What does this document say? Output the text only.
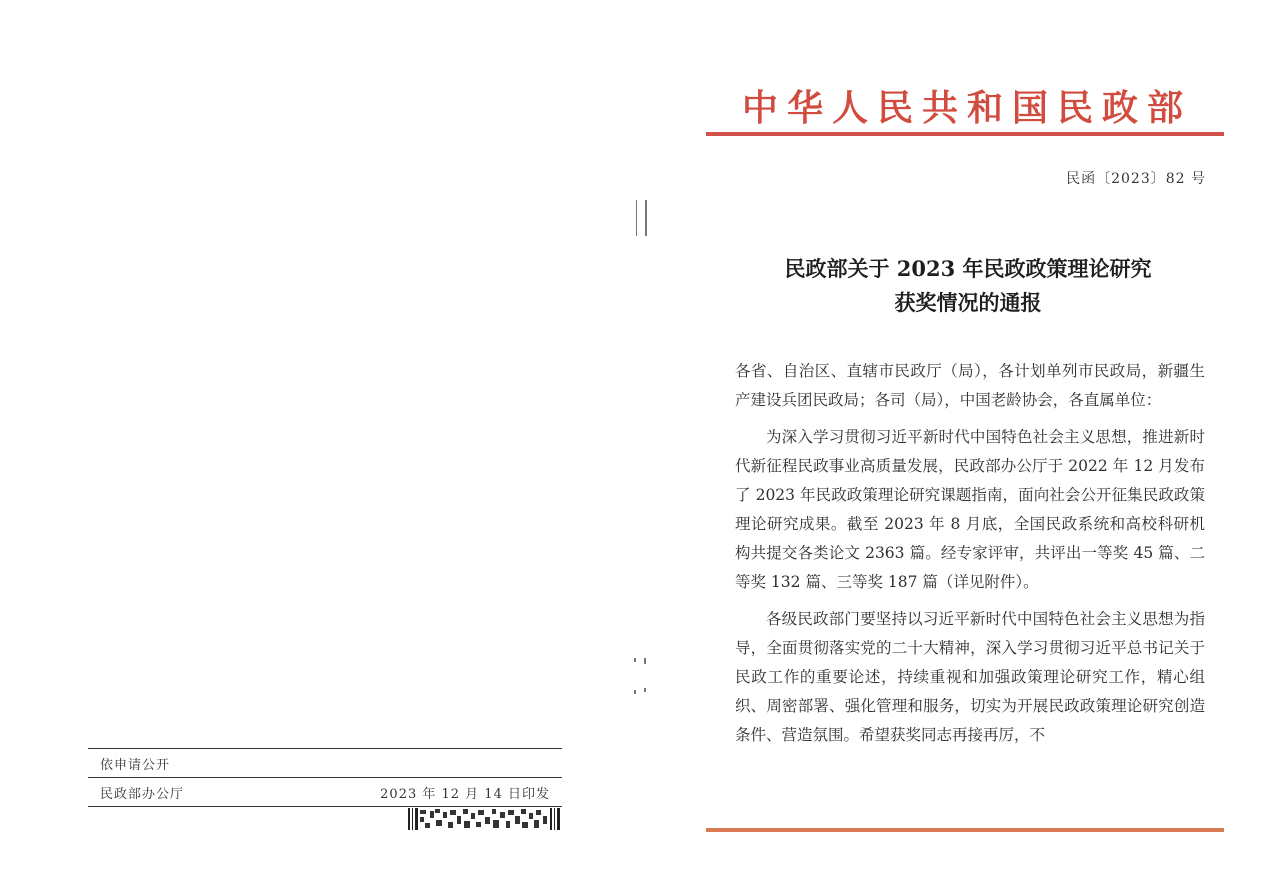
依申请公开
民政部办公厅	2023 年 12 月 14 日印发
中华人民共和国民政部
民函〔2023〕82 号
民政部关于 2023 年民政政策理论研究
获奖情况的通报

各省、自治区、直辖市民政厅（局），各计划单列市民政局，新疆生产建设兵团民政局；各司（局），中国老龄协会，各直属单位：

为深入学习贯彻习近平新时代中国特色社会主义思想，推进新时代新征程民政事业高质量发展，民政部办公厅于 2022 年 12 月发布了 2023 年民政政策理论研究课题指南，面向社会公开征集民政政策理论研究成果。截至 2023 年 8 月底，全国民政系统和高校科研机构共提交各类论文 2363 篇。经专家评审，共评出一等奖 45 篇、二等奖 132 篇、三等奖 187 篇（详见附件）。

各级民政部门要坚持以习近平新时代中国特色社会主义思想为指导，全面贯彻落实党的二十大精神，深入学习贯彻习近平总书记关于民政工作的重要论述，持续重视和加强政策理论研究工作，精心组织、周密部署、强化管理和服务，切实为开展民政政策理论研究创造条件、营造氛围。希望获奖同志再接再厉，不
